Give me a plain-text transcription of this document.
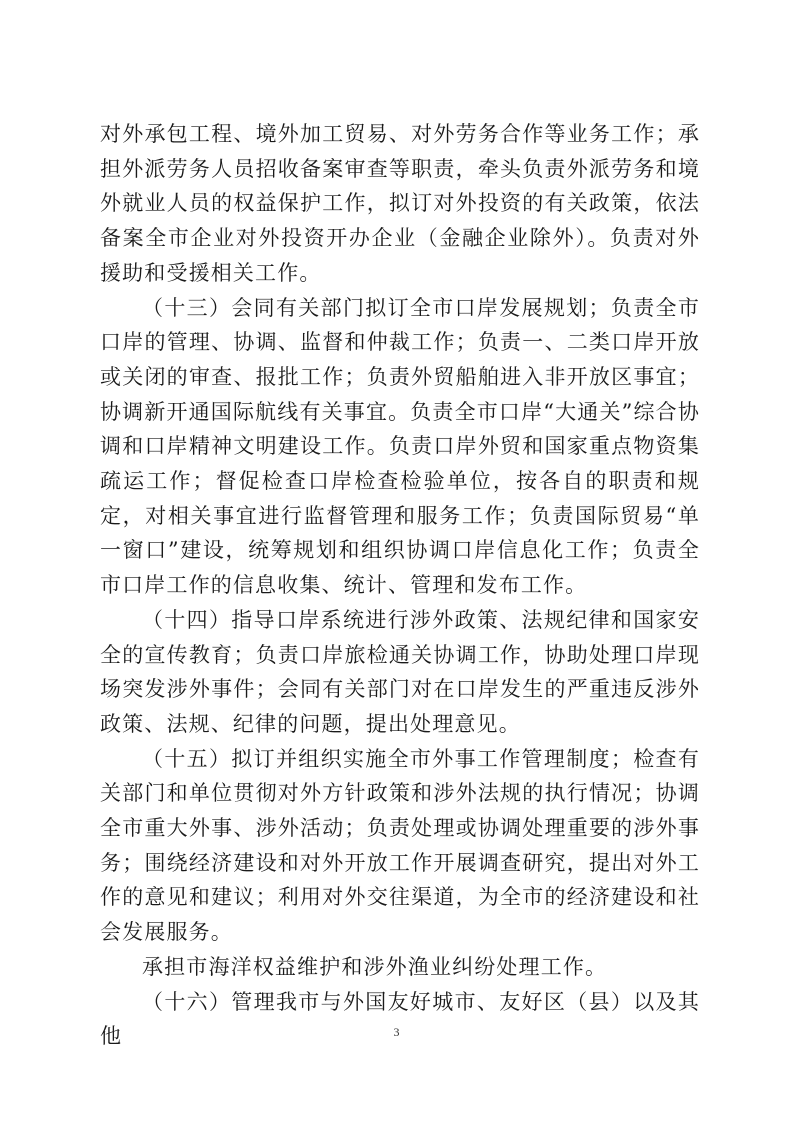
对外承包工程、境外加工贸易、对外劳务合作等业务工作；承担外派劳务人员招收备案审查等职责，牵头负责外派劳务和境外就业人员的权益保护工作，拟订对外投资的有关政策，依法备案全市企业对外投资开办企业（金融企业除外）。负责对外援助和受援相关工作。

（十三）会同有关部门拟订全市口岸发展规划；负责全市口岸的管理、协调、监督和仲裁工作；负责一、二类口岸开放或关闭的审查、报批工作；负责外贸船舶进入非开放区事宜；协调新开通国际航线有关事宜。负责全市口岸“大通关”综合协调和口岸精神文明建设工作。负责口岸外贸和国家重点物资集疏运工作；督促检查口岸检查检验单位，按各自的职责和规定，对相关事宜进行监督管理和服务工作；负责国际贸易“单一窗口”建设，统筹规划和组织协调口岸信息化工作；负责全市口岸工作的信息收集、统计、管理和发布工作。

（十四）指导口岸系统进行涉外政策、法规纪律和国家安全的宣传教育；负责口岸旅检通关协调工作，协助处理口岸现场突发涉外事件；会同有关部门对在口岸发生的严重违反涉外政策、法规、纪律的问题，提出处理意见。

（十五）拟订并组织实施全市外事工作管理制度；检查有关部门和单位贯彻对外方针政策和涉外法规的执行情况；协调全市重大外事、涉外活动；负责处理或协调处理重要的涉外事务；围绕经济建设和对外开放工作开展调查研究，提出对外工作的意见和建议；利用对外交往渠道，为全市的经济建设和社会发展服务。

承担市海洋权益维护和涉外渔业纠纷处理工作。

（十六）管理我市与外国友好城市、友好区（县）以及其他	3
